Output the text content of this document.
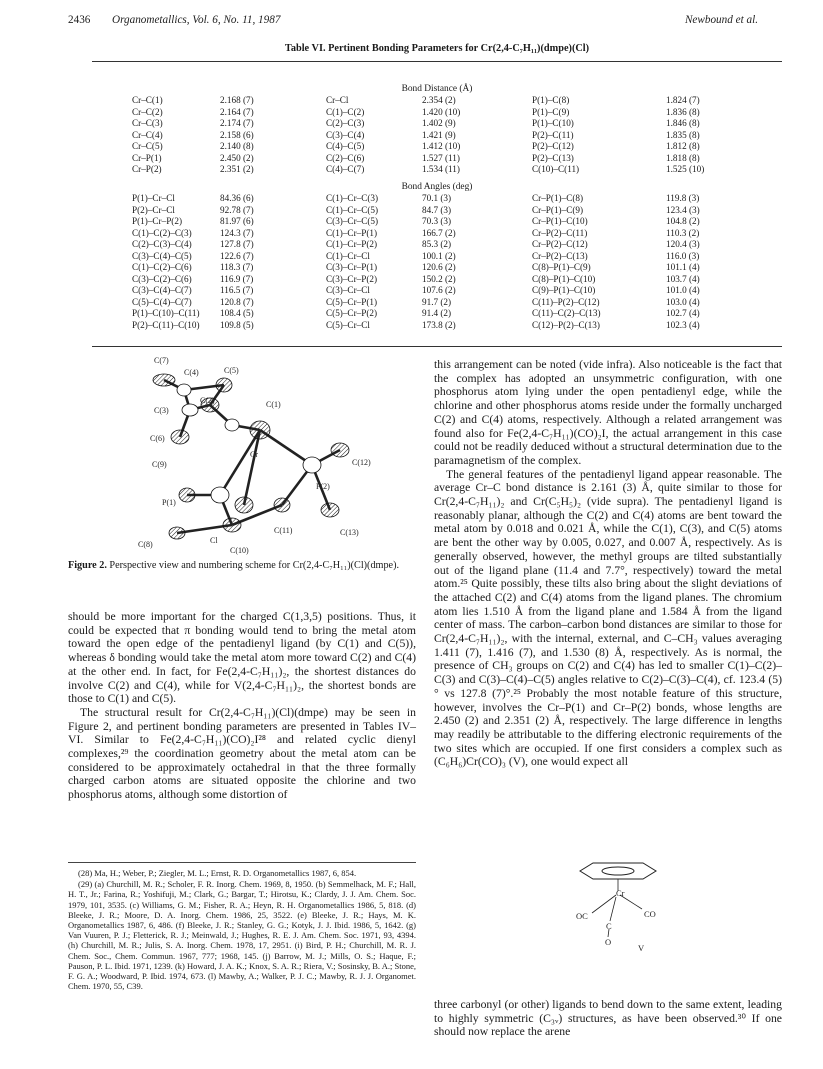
2436 Organometallics, Vol. 6, No. 11, 1987	Newbound et al.
Table VI. Pertinent Bonding Parameters for Cr(2,4-C₇H₁₁)(dmpe)(Cl)
Bond Distance (Å)
Cr–C(1)	2.168 (7)	Cr–Cl	2.354 (2)	P(1)–C(8)	1.824 (7)
Cr–C(2)	2.164 (7)	C(1)–C(2)	1.420 (10)	P(1)–C(9)	1.836 (8)
Cr–C(3)	2.174 (7)	C(2)–C(3)	1.402 (9)	P(1)–C(10)	1.846 (8)
Cr–C(4)	2.158 (6)	C(3)–C(4)	1.421 (9)	P(2)–C(11)	1.835 (8)
Cr–C(5)	2.140 (8)	C(4)–C(5)	1.412 (10)	P(2)–C(12)	1.812 (8)
Cr–P(1)	2.450 (2)	C(2)–C(6)	1.527 (11)	P(2)–C(13)	1.818 (8)
Cr–P(2)	2.351 (2)	C(4)–C(7)	1.534 (11)	C(10)–C(11)	1.525 (10)
Bond Angles (deg)
P(1)–Cr–Cl	84.36 (6)	C(1)–Cr–C(3)	70.1 (3)	Cr–P(1)–C(8)	119.8 (3)
P(2)–Cr–Cl	92.78 (7)	C(1)–Cr–C(5)	84.7 (3)	Cr–P(1)–C(9)	123.4 (3)
P(1)–Cr–P(2)	81.97 (6)	C(3)–Cr–C(5)	70.3 (3)	Cr–P(1)–C(10)	104.8 (2)
C(1)–C(2)–C(3)	124.3 (7)	C(1)–Cr–P(1)	166.7 (2)	Cr–P(2)–C(11)	110.3 (2)
C(2)–C(3)–C(4)	127.8 (7)	C(1)–Cr–P(2)	85.3 (2)	Cr–P(2)–C(12)	120.4 (3)
C(3)–C(4)–C(5)	122.6 (7)	C(1)–Cr–Cl	100.1 (2)	Cr–P(2)–C(13)	116.0 (3)
C(1)–C(2)–C(6)	118.3 (7)	C(3)–Cr–P(1)	120.6 (2)	C(8)–P(1)–C(9)	101.1 (4)
C(3)–C(2)–C(6)	116.9 (7)	C(3)–Cr–P(2)	150.2 (2)	C(8)–P(1)–C(10)	103.7 (4)
C(3)–C(4)–C(7)	116.5 (7)	C(3)–Cr–Cl	107.6 (2)	C(9)–P(1)–C(10)	101.0 (4)
C(5)–C(4)–C(7)	120.8 (7)	C(5)–Cr–P(1)	91.7 (2)	C(11)–P(2)–C(12)	103.0 (4)
P(1)–C(10)–C(11) 108.4 (5)	C(5)–Cr–P(2)	91.4 (2)	C(11)–C(2)–C(13)	102.7 (4)
P(2)–C(11)–C(10) 109.8 (5)	C(5)–Cr–Cl	173.8 (2)	C(12)–P(2)–C(13)	102.3 (4)
C(7)
C(4)	C(5)
C(3)
C(2)	C(1)
C(6)
C(9)
Cr
C(12)
P(2)
P(1)
C(11)	C(13)
C(8)	Cl
C(10)
Figure 2. Perspective view and numbering scheme for Cr(2,4-C₇H₁₁)(Cl)(dmpe).

should be more important for the charged C(1,3,5) positions. Thus, it could be expected that π bonding would tend to bring the metal atom toward the open edge of the pentadienyl ligand (by C(1) and C(5)), whereas δ bonding would take the metal atom more toward C(2) and C(4) at the other end. In fact, for Fe(2,4-C₇H₁₁)₂, the shortest distances do involve C(2) and C(4), while for V(2,4-C₇H₁₁)₂, the shortest bonds are those to C(1) and C(5).

The structural result for Cr(2,4-C₇H₁₁)(Cl)(dmpe) may be seen in Figure 2, and pertinent bonding parameters are presented in Tables IV–VI. Similar to Fe(2,4-C₇H₁₁)(CO)₂I²⁸ and related cyclic dienyl complexes,²⁹ the coordination geometry about the metal atom can be considered to be approximately octahedral in that the three formally charged carbon atoms are situated opposite the chlorine and two phosphorus atoms, although some distortion of

(28) Ma, H.; Weber, P.; Ziegler, M. L.; Ernst, R. D. Organometallics 1987, 6, 854.

(29) (a) Churchill, M. R.; Scholer, F. R. Inorg. Chem. 1969, 8, 1950. (b) Semmelhack, M. F.; Hall, H. T., Jr.; Farina, R.; Yoshifuji, M.; Clark, G.; Bargar, T.; Hirotsu, K.; Clardy, J. J. Am. Chem. Soc. 1979, 101, 3535. (c) Williams, G. M.; Fisher, R. A.; Heyn, R. H. Organometallics 1986, 5, 818. (d) Bleeke, J. R.; Moore, D. A. Inorg. Chem. 1986, 25, 3522. (e) Bleeke, J. R.; Hays, M. K. Organometallics 1987, 6, 486. (f) Bleeke, J. R.; Stanley, G. G.; Kotyk, J. J. Ibid. 1986, 5, 1642. (g) Van Vuuren, P. J.; Fletterick, R. J.; Meinwald, J.; Hughes, R. E. J. Am. Chem. Soc. 1971, 93, 4394. (h) Churchill, M. R.; Julis, S. A. Inorg. Chem. 1978, 17, 2951. (i) Bird, P. H.; Churchill, M. R. J. Chem. Soc., Chem. Commun. 1967, 777; 1968, 145. (j) Barrow, M. J.; Mills, O. S.; Haque, F.; Pauson, P. L. Ibid. 1971, 1239. (k) Howard, J. A. K.; Knox, S. A. R.; Riera, V.; Sosinsky, B. A.; Stone, F. G. A.; Woodward, P. Ibid. 1974, 673. (l) Mawby, A.; Walker, P. J. C.; Mawby, R. J. J. Organomet. Chem. 1970, 55, C39.

this arrangement can be noted (vide infra). Also noticeable is the fact that the complex has adopted an unsymmetric configuration, with one phosphorus atom lying under the open pentadienyl edge, while the chlorine and other phosphorus atoms reside under the formally uncharged C(2) and C(4) atoms, respectively. Although a related arrangement was found also for Fe(2,4-C₇H₁₁)(CO)₂I, the actual arrangement in this case could not be readily deduced without a structural determination due to the paramagnetism of the complex.

The general features of the pentadienyl ligand appear reasonable. The average Cr–C bond distance is 2.161 (3) Å, quite similar to those for Cr(2,4-C₇H₁₁)₂ and Cr(C₅H₅)₂ (vide supra). The pentadienyl ligand is reasonably planar, although the C(2) and C(4) atoms are bent toward the metal atom by 0.018 and 0.021 Å, while the C(1), C(3), and C(5) atoms are bent the other way by 0.005, 0.027, and 0.007 Å, respectively. As is generally observed, however, the methyl groups are tilted substantially out of the ligand plane (11.4 and 7.7°, respectively) toward the metal atom.²⁵ Quite possibly, these tilts also bring about the slight deviations of the attached C(2) and C(4) atoms from the ligand planes. The chromium atom lies 1.510 Å from the ligand plane and 1.584 Å from the ligand center of mass. The carbon–carbon bond distances are similar to those for Cr(2,4-C₇H₁₁)₂, with the internal, external, and C–CH₃ values averaging 1.411 (7), 1.416 (7), and 1.530 (8) Å, respectively. As is normal, the presence of CH₃ groups on C(2) and C(4) has led to smaller C(1)–C(2)–C(3) and C(3)–C(4)–C(5) angles relative to C(2)–C(3)–C(4), cf. 123.4 (5)° vs 127.8 (7)°.²⁵ Probably the most notable feature of this structure, however, involves the Cr–P(1) and Cr–P(2) bonds, whose lengths are 2.450 (2) and 2.351 (2) Å, respectively. The large difference in lengths may readily be attributable to the differing electronic requirements of the two sites which are occupied. If one first considers a complex such as (C₆H₆)Cr(CO)₃ (V), one would expect all

Cr
OC	CO
C
O
V

three carbonyl (or other) ligands to bend down to the same extent, leading to highly symmetric (C₃ᵥ) structures, as have been observed.³⁰ If one should now replace the arene
